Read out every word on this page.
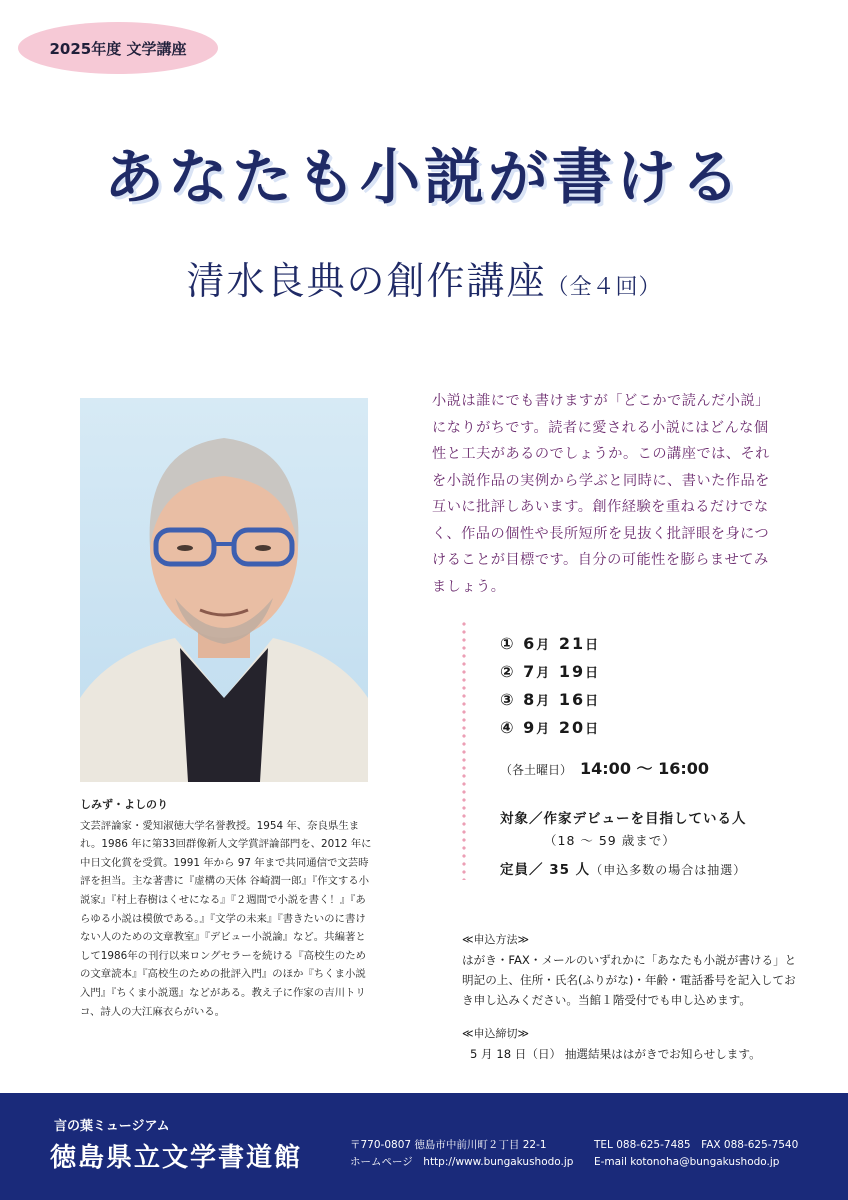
2025年度 文学講座
あなたも小説が書ける
清水良典の創作講座（全４回）
しみず・よしのり
文芸評論家・愛知淑徳大学名誉教授。1954 年、奈良県生まれ。1986 年に第33回群像新人文学賞評論部門を、2012 年に中日文化賞を受賞。1991 年から 97 年まで共同通信で文芸時評を担当。主な著書に『虚構の天体 谷崎潤一郎』『作文する小説家』『村上春樹はくせになる』『２週間で小説を書く！』『あらゆる小説は模倣である。』『文学の未来』『書きたいのに書けない人のための文章教室』『デビュー小説論』など。共編著として1986年の刊行以来ロングセラーを続ける『高校生のための文章読本』『高校生のための批評入門』のほか『ちくま小説入門』『ちくま小説選』などがある。教え子に作家の吉川トリコ、詩人の大江麻衣らがいる。
小説は誰にでも書けますが「どこかで読んだ小説」になりがちです。読者に愛される小説にはどんな個性と工夫があるのでしょうか。この講座では、それを小説作品の実例から学ぶと同時に、書いた作品を互いに批評しあいます。創作経験を重ねるだけでなく、作品の個性や長所短所を見抜く批評眼を身につけることが目標です。自分の可能性を膨らませてみましょう。
① 6月 21日
② 7月 19日
③ 8月 16日
④ 9月 20日
（各土曜日） 14:00 〜 16:00
対象／作家デビューを目指している人
（18 〜 59 歳まで）
定員／ 35 人（申込多数の場合は抽選）
≪申込方法≫
はがき・FAX・メールのいずれかに「あなたも小説が書ける」と明記の上、住所・氏名(ふりがな)・年齢・電話番号を記入しておき申し込みください。当館１階受付でも申し込めます。
≪申込締切≫
5 月 18 日（日） 抽選結果ははがきでお知らせします。
言の葉ミュージアム
徳島県立文学書道館	〒770-0807 徳島市中前川町２丁目 22-1
ホームページ　http://www.bungakushodo.jp
TEL 088-625-7485　FAX 088-625-7540
E-mail kotonoha@bungakushodo.jp
